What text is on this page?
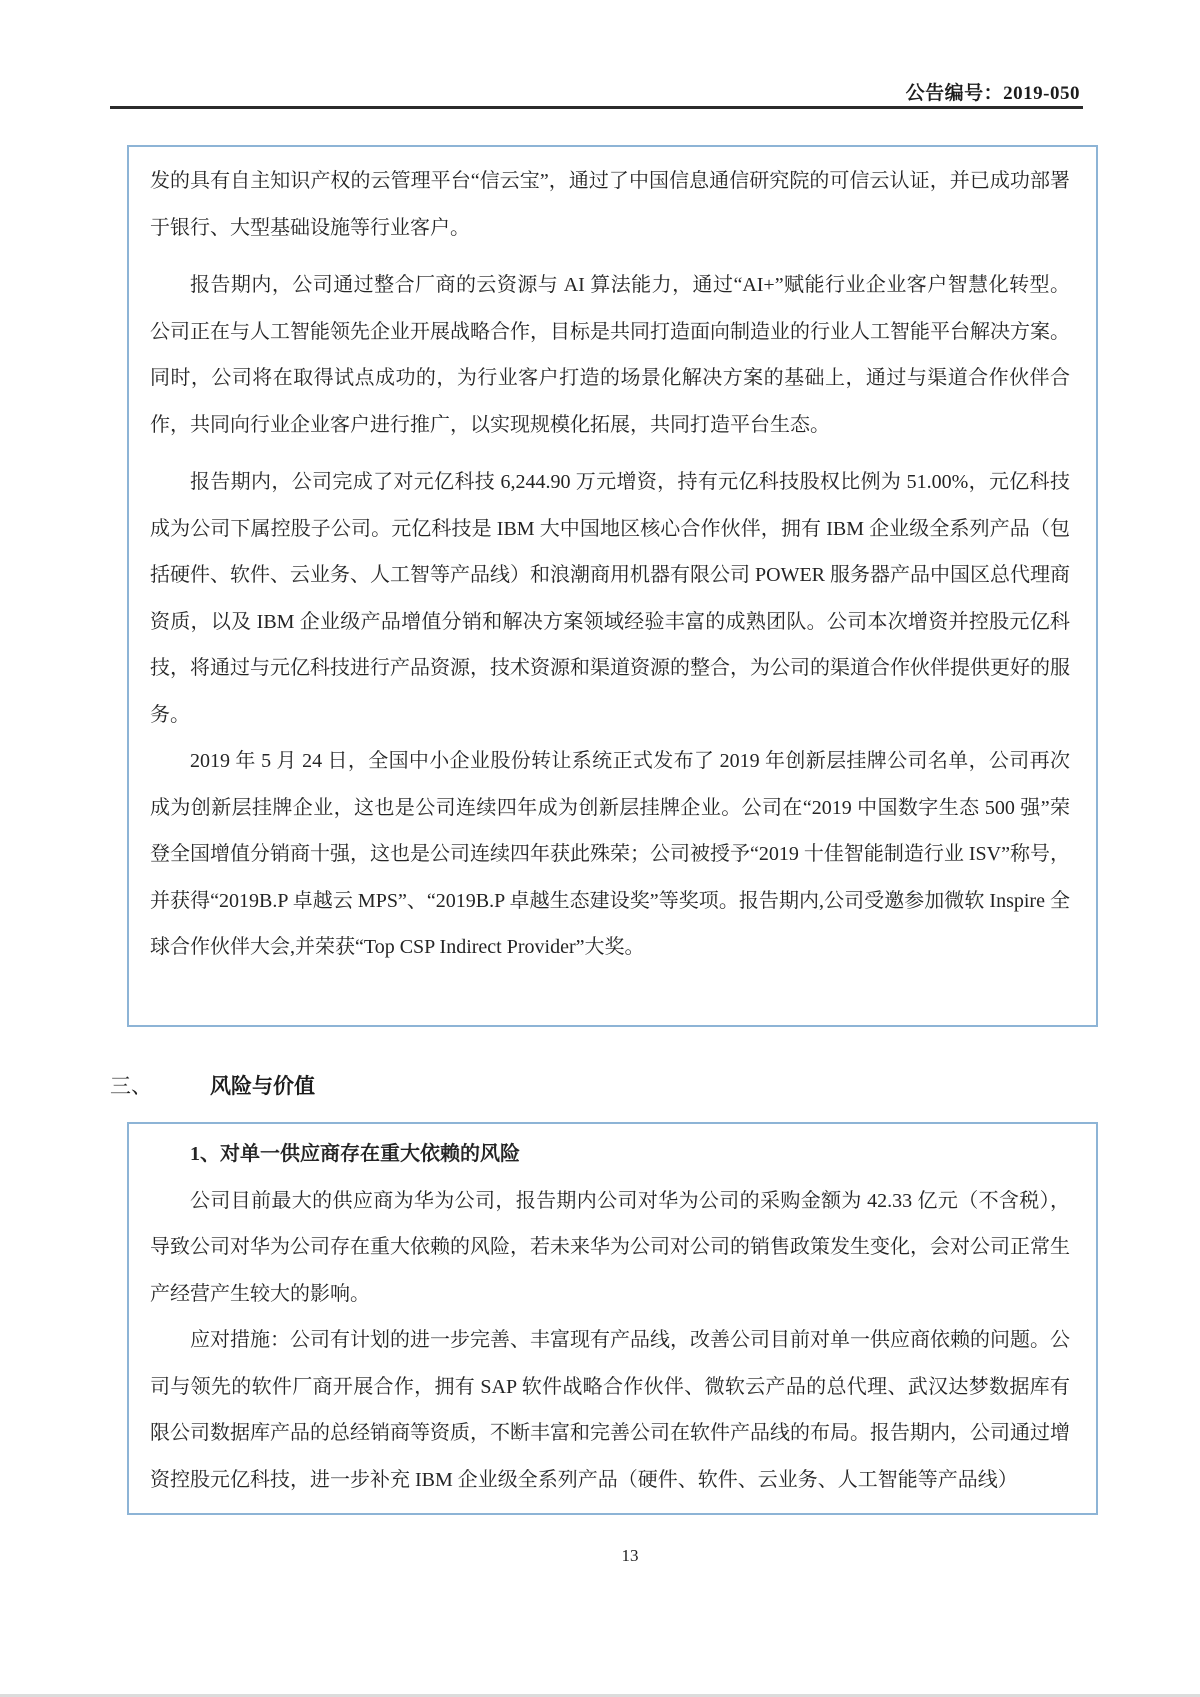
公告编号：2019-050

发的具有自主知识产权的云管理平台“信云宝”，通过了中国信息通信研究院的可信云认证，并已成功部署于银行、大型基础设施等行业客户。

报告期内，公司通过整合厂商的云资源与 AI 算法能力，通过“AI+”赋能行业企业客户智慧化转型。公司正在与人工智能领先企业开展战略合作，目标是共同打造面向制造业的行业人工智能平台解决方案。同时，公司将在取得试点成功的，为行业客户打造的场景化解决方案的基础上，通过与渠道合作伙伴合作，共同向行业企业客户进行推广，以实现规模化拓展，共同打造平台生态。

报告期内，公司完成了对元亿科技 6,244.90 万元增资，持有元亿科技股权比例为 51.00%，元亿科技成为公司下属控股子公司。元亿科技是 IBM 大中国地区核心合作伙伴，拥有 IBM 企业级全系列产品（包括硬件、软件、云业务、人工智等产品线）和浪潮商用机器有限公司 POWER 服务器产品中国区总代理商资质，以及 IBM 企业级产品增值分销和解决方案领域经验丰富的成熟团队。公司本次增资并控股元亿科技，将通过与元亿科技进行产品资源，技术资源和渠道资源的整合，为公司的渠道合作伙伴提供更好的服务。

2019 年 5 月 24 日，全国中小企业股份转让系统正式发布了 2019 年创新层挂牌公司名单，公司再次成为创新层挂牌企业，这也是公司连续四年成为创新层挂牌企业。公司在“2019 中国数字生态 500 强”荣登全国增值分销商十强，这也是公司连续四年获此殊荣；公司被授予“2019 十佳智能制造行业 ISV”称号，并获得“2019B.P 卓越云 MPS”、“2019B.P 卓越生态建设奖”等奖项。报告期内,公司受邀参加微软 Inspire 全球合作伙伴大会,并荣获“Top CSP Indirect Provider”大奖。

三、	风险与价值

1、对单一供应商存在重大依赖的风险

公司目前最大的供应商为华为公司，报告期内公司对华为公司的采购金额为 42.33 亿元（不含税），导致公司对华为公司存在重大依赖的风险，若未来华为公司对公司的销售政策发生变化，会对公司正常生产经营产生较大的影响。

应对措施：公司有计划的进一步完善、丰富现有产品线，改善公司目前对单一供应商依赖的问题。公司与领先的软件厂商开展合作，拥有 SAP 软件战略合作伙伴、微软云产品的总代理、武汉达梦数据库有限公司数据库产品的总经销商等资质，不断丰富和完善公司在软件产品线的布局。报告期内，公司通过增资控股元亿科技，进一步补充 IBM 企业级全系列产品（硬件、软件、云业务、人工智能等产品线）

13
